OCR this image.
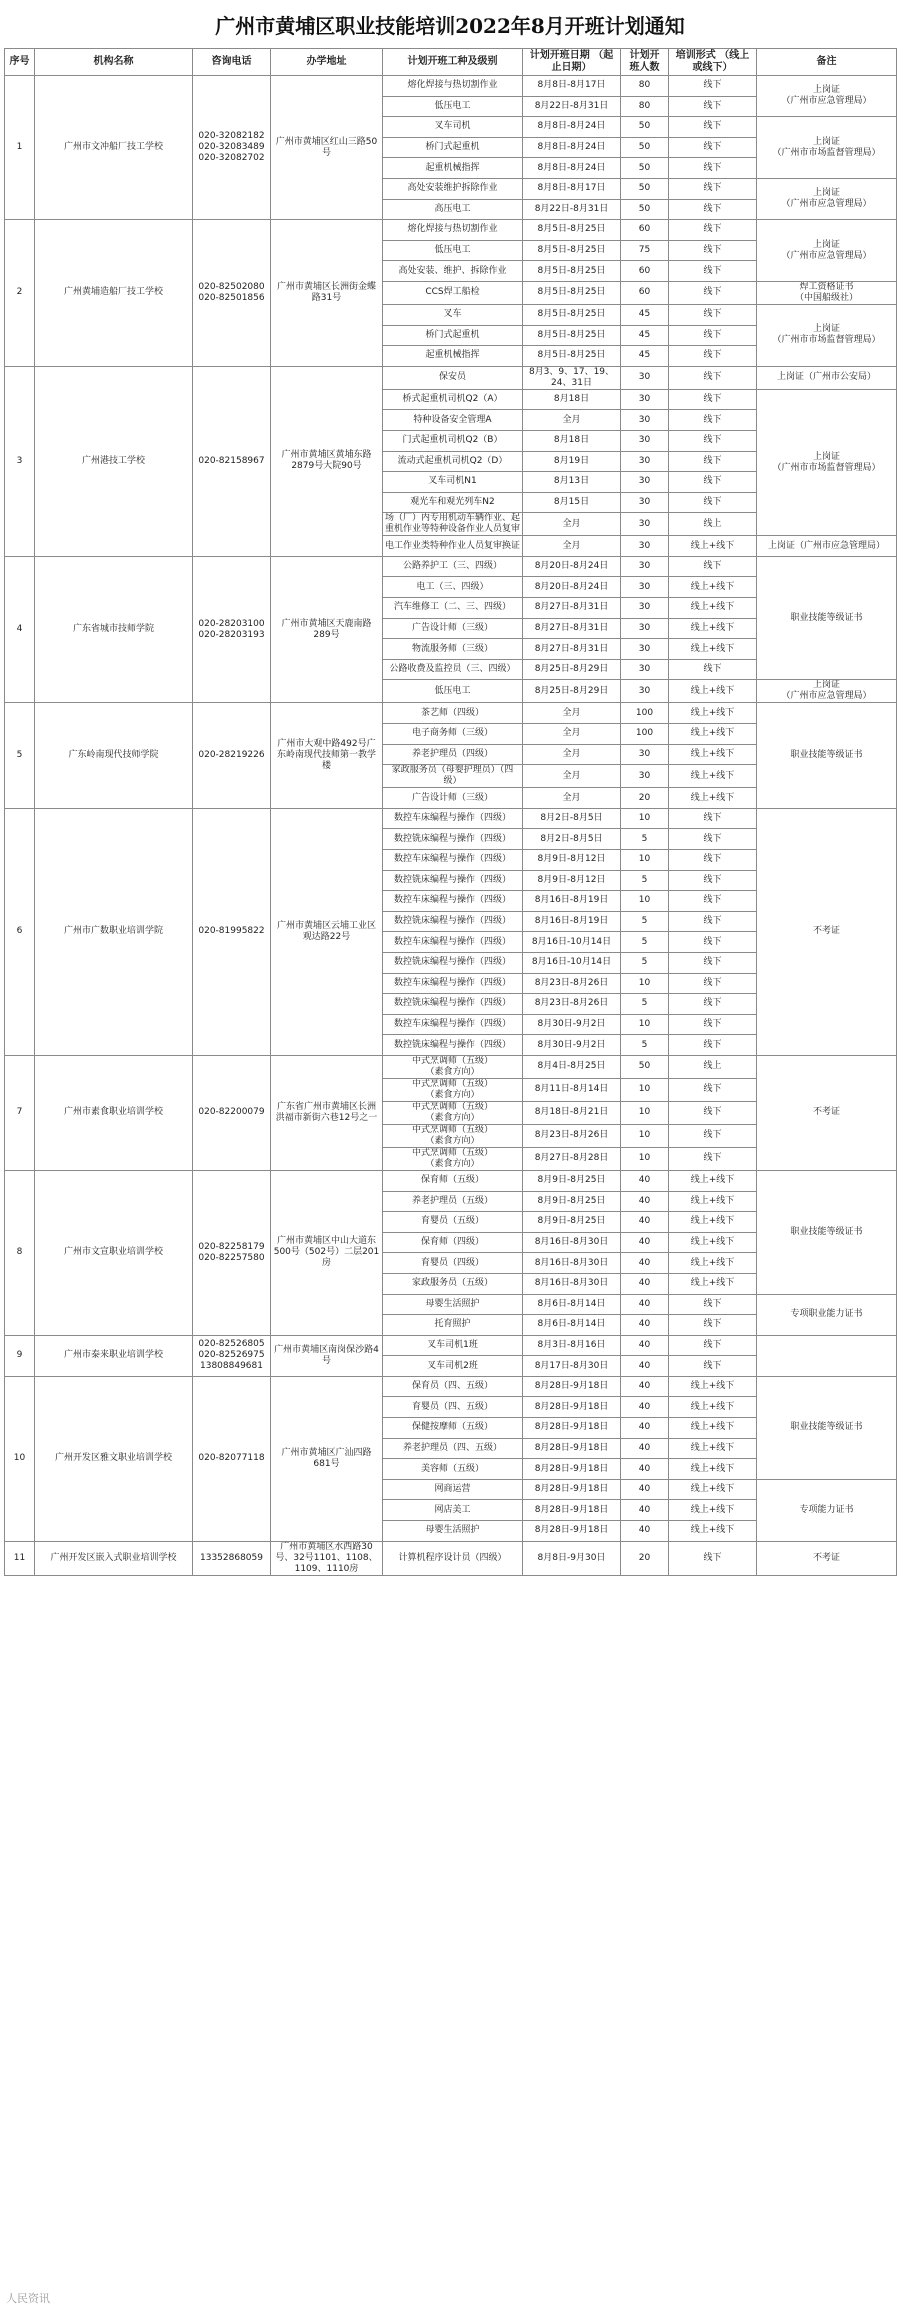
广州市黄埔区职业技能培训2022年8月开班计划通知
序号	机构名称	咨询电话	办学地址	计划开班工种及级别	计划开班日期 （起止日期）	计划开 班人数	培训形式 （线上或线下）	备注
1	广州市文冲船厂技工学校	020-32082182
020-32083489
020-32082702	广州市黄埔区红山三路50号	熔化焊接与热切割作业	8月8日-8月17日	80	线下	上岗证
（广州市应急管理局）
				低压电工	8月22日-8月31日	80	线下	
				叉车司机	8月8日-8月24日	50	线下	上岗证
（广州市市场监督管理局）
				桥门式起重机	8月8日-8月24日	50	线下	
				起重机械指挥	8月8日-8月24日	50	线下	
				高处安装维护拆除作业	8月8日-8月17日	50	线下	上岗证
（广州市应急管理局）
				高压电工	8月22日-8月31日	50	线下	
2	广州黄埔造船厂技工学校	020-82502080
020-82501856	广州市黄埔区长洲街金蝶路31号	熔化焊接与热切割作业	8月5日-8月25日	60	线下	上岗证
（广州市应急管理局）
				低压电工	8月5日-8月25日	75	线下	
				高处安装、维护、拆除作业	8月5日-8月25日	60	线下	
				CCS焊工船检	8月5日-8月25日	60	线下	焊工资格证书
（中国船级社）
				叉车	8月5日-8月25日	45	线下	上岗证
（广州市市场监督管理局）
				桥门式起重机	8月5日-8月25日	45	线下	
				起重机械指挥	8月5日-8月25日	45	线下	
3	广州港技工学校	020-82158967	广州市黄埔区黄埔东路2879号大院90号	保安员	8月3、9、17、19、24、31日	30	线下	上岗证（广州市公安局）
				桥式起重机司机Q2（A）	8月18日	30	线下	上岗证
（广州市市场监督管理局）
				特种设备安全管理A	全月	30	线下	
				门式起重机司机Q2（B）	8月18日	30	线下	
				流动式起重机司机Q2（D）	8月19日	30	线下	
				叉车司机N1	8月13日	30	线下	
				观光车和观光列车N2	8月15日	30	线下	
				场（厂）内专用机动车辆作业、起重机作业等特种设备作业人员复审	全月	30	线上	
				电工作业类特种作业人员复审换证	全月	30	线上+线下	上岗证（广州市应急管理局）
4	广东省城市技师学院	020-28203100
020-28203193	广州市黄埔区天鹿南路289号	公路养护工（三、四级）	8月20日-8月24日	30	线下	职业技能等级证书
				电工（三、四级）	8月20日-8月24日	30	线上+线下	
				汽车维修工（二、三、四级）	8月27日-8月31日	30	线上+线下	
				广告设计师（三级）	8月27日-8月31日	30	线上+线下	
				物流服务师（三级）	8月27日-8月31日	30	线上+线下	
				公路收费及监控员（三、四级）	8月25日-8月29日	30	线下	
				低压电工	8月25日-8月29日	30	线上+线下	上岗证
（广州市应急管理局）
5	广东岭南现代技师学院	020-28219226	广州市大观中路492号广东岭南现代技师第一教学楼	茶艺师（四级）	全月	100	线上+线下	职业技能等级证书
				电子商务师（三级）	全月	100	线上+线下	
				养老护理员（四级）	全月	30	线上+线下	
				家政服务员（母婴护理员）（四级）	全月	30	线上+线下	
				广告设计师（三级）	全月	20	线上+线下	
6	广州市广数职业培训学院	020-81995822	广州市黄埔区云埔工业区观达路22号	数控车床编程与操作（四级）	8月2日-8月5日	10	线下	不考证
				数控铣床编程与操作（四级）	8月2日-8月5日	5	线下	
				数控车床编程与操作（四级）	8月9日-8月12日	10	线下	
				数控铣床编程与操作（四级）	8月9日-8月12日	5	线下	
				数控车床编程与操作（四级）	8月16日-8月19日	10	线下	
				数控铣床编程与操作（四级）	8月16日-8月19日	5	线下	
				数控车床编程与操作（四级）	8月16日-10月14日	5	线下	
				数控铣床编程与操作（四级）	8月16日-10月14日	5	线下	
				数控车床编程与操作（四级）	8月23日-8月26日	10	线下	
				数控铣床编程与操作（四级）	8月23日-8月26日	5	线下	
				数控车床编程与操作（四级）	8月30日-9月2日	10	线下	
				数控铣床编程与操作（四级）	8月30日-9月2日	5	线下	
7	广州市素食职业培训学校	020-82200079	广东省广州市黄埔区长洲洪福市新街六巷12号之一	中式烹调师（五级）
（素食方向）	8月4日-8月25日	50	线上	不考证
				中式烹调师（五级）
（素食方向）	8月11日-8月14日	10	线下	
				中式烹调师（五级）
（素食方向）	8月18日-8月21日	10	线下	
				中式烹调师（五级）
（素食方向）	8月23日-8月26日	10	线下	
				中式烹调师（五级）
（素食方向）	8月27日-8月28日	10	线下	
8	广州市文宣职业培训学校	020-82258179
020-82257580	广州市黄埔区中山大道东500号（502号）二层201房	保育师（五级）	8月9日-8月25日	40	线上+线下	职业技能等级证书
				养老护理员（五级）	8月9日-8月25日	40	线上+线下	
				育婴员（五级）	8月9日-8月25日	40	线上+线下	
				保育师（四级）	8月16日-8月30日	40	线上+线下	
				育婴员（四级）	8月16日-8月30日	40	线上+线下	
				家政服务员（五级）	8月16日-8月30日	40	线上+线下	
				母婴生活照护	8月6日-8月14日	40	线下	专项职业能力证书
				托育照护	8月6日-8月14日	40	线下	
9	广州市泰来职业培训学校	020-82526805
020-82526975
13808849681	广州市黄埔区南岗保沙路4号	叉车司机1班	8月3日-8月16日	40	线下	
				叉车司机2班	8月17日-8月30日	40	线下	
10	广州开发区雅文职业培训学校	020-82077118	广州市黄埔区广汕四路681号	保育员（四、五级）	8月28日-9月18日	40	线上+线下	职业技能等级证书
				育婴员（四、五级）	8月28日-9月18日	40	线上+线下	
				保健按摩师（五级）	8月28日-9月18日	40	线上+线下	
				养老护理员（四、五级）	8月28日-9月18日	40	线上+线下	
				美容师（五级）	8月28日-9月18日	40	线上+线下	
				网商运营	8月28日-9月18日	40	线上+线下	专项能力证书
				网店美工	8月28日-9月18日	40	线上+线下	
				母婴生活照护	8月28日-9月18日	40	线上+线下	
11	广州开发区嵌入式职业培训学校	13352868059	广州市黄埔区水西路30号、32号1101、1108、1109、1110房	计算机程序设计员（四级）	8月8日-9月30日	20	线下	不考证
人民资讯
